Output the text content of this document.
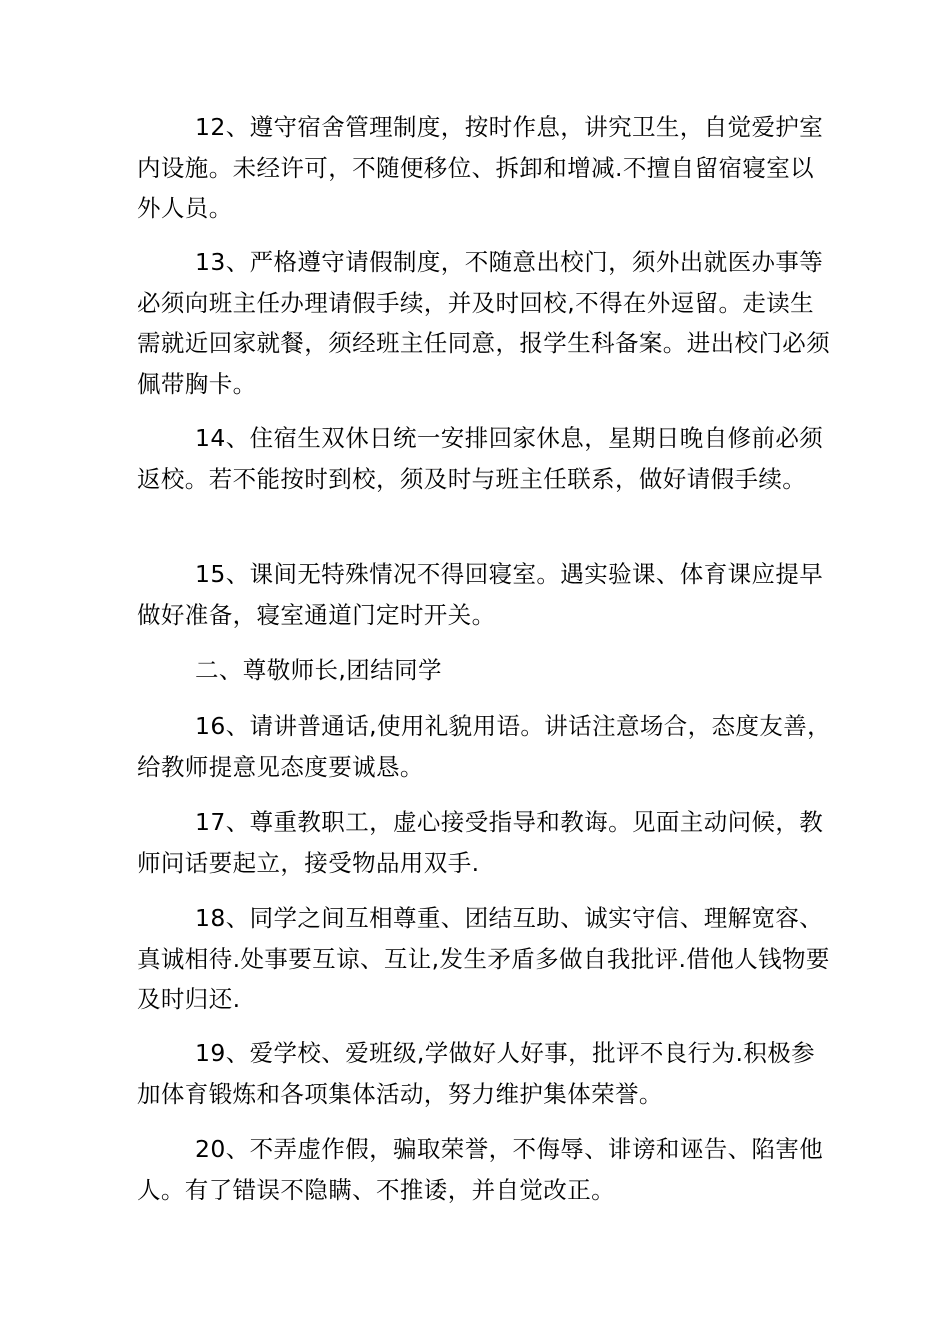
12、遵守宿舍管理制度，按时作息，讲究卫生，自觉爱护室内设施。未经许可，不随便移位、拆卸和增减.不擅自留宿寝室以外人员。

13、严格遵守请假制度，不随意出校门，须外出就医办事等必须向班主任办理请假手续，并及时回校,不得在外逗留。走读生需就近回家就餐，须经班主任同意，报学生科备案。进出校门必须佩带胸卡。

14、住宿生双休日统一安排回家休息，星期日晚自修前必须返校。若不能按时到校，须及时与班主任联系，做好请假手续。

15、课间无特殊情况不得回寝室。遇实验课、体育课应提早做好准备，寝室通道门定时开关。

二、尊敬师长,团结同学

16、请讲普通话,使用礼貌用语。讲话注意场合，态度友善，给教师提意见态度要诚恳。

17、尊重教职工，虚心接受指导和教诲。见面主动问候，教师问话要起立，接受物品用双手.

18、同学之间互相尊重、团结互助、诚实守信、理解宽容、真诚相待.处事要互谅、互让,发生矛盾多做自我批评.借他人钱物要及时归还.

19、爱学校、爱班级,学做好人好事，批评不良行为.积极参加体育锻炼和各项集体活动，努力维护集体荣誉。

20、不弄虚作假，骗取荣誉，不侮辱、诽谤和诬告、陷害他人。有了错误不隐瞒、不推诿，并自觉改正。
